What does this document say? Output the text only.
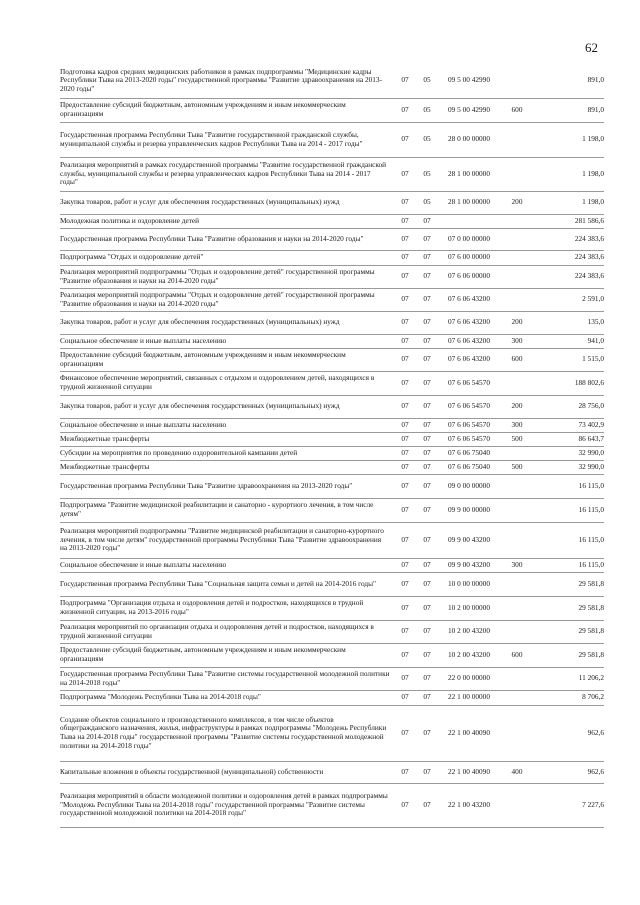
62
Подготовка кадров средних медицинских работников в рамках подпрограммы "Медицинские кадры Республики Тыва на 2013-2020 годы" государственной программы "Развитие здравоохранения на 2013-2020 годы"	07	05	09 5 00 42990		891,0

Предоставление субсидий бюджетным, автономным учреждениям и иным некоммерческим организациям	07	05	09 5 00 42990	600	891,0

Государственная программа Республики Тыва "Развитие государственной гражданской службы, муниципальной службы и резерва управленческих кадров Республики Тыва на 2014 - 2017 годы"	07	05	28 0 00 00000		1 198,0

Реализация мероприятий в рамках государственной программы "Развитие государственной гражданской службы, муниципальной службы и резерва управленческих кадров Республики Тыва на 2014 - 2017 годы"	07	05	28 1 00 00000		1 198,0

Закупка товаров, работ и услуг для обеспечения государственных (муниципальных) нужд	07	05	28 1 00 00000	200	1 198,0

Молодежная политика и оздоровление детей	07	07			281 586,6

Государственная программа Республики Тыва "Развитие образования и науки на 2014-2020 годы"	07	07	07 0 00 00000		224 383,6

Подпрограмма "Отдых и оздоровление детей"	07	07	07 6 00 00000		224 383,6

Реализация мероприятий подпрограммы "Отдых и оздоровление детей" государственной программы "Развитие образования и науки на 2014-2020 годы"	07	07	07 6 06 00000		224 383,6

Реализация мероприятий подпрограммы "Отдых и оздоровление детей" государственной программы "Развитие образования и науки на 2014-2020 годы"	07	07	07 6 06 43200		2 591,0

Закупка товаров, работ и услуг для обеспечения государственных (муниципальных) нужд	07	07	07 6 06 43200	200	135,0

Социальное обеспечение и иные выплаты населению	07	07	07 6 06 43200	300	941,0

Предоставление субсидий бюджетным, автономным учреждениям и иным некоммерческим организациям	07	07	07 6 06 43200	600	1 515,0

Финансовое обеспечение мероприятий, связанных с отдыхом и оздоровлением детей, находящихся в трудной жизненной ситуации	07	07	07 6 06 54570		188 802,6

Закупка товаров, работ и услуг для обеспечения государственных (муниципальных) нужд	07	07	07 6 06 54570	200	28 756,0

Социальное обеспечение и иные выплаты населению	07	07	07 6 06 54570	300	73 402,9

Межбюджетные трансферты	07	07	07 6 06 54570	500	86 643,7

Субсидии на мероприятия по проведению оздоровительной кампании детей	07	07	07 6 06 75040		32 990,0

Межбюджетные трансферты	07	07	07 6 06 75040	500	32 990,0

Государственная программа Республики Тыва "Развитие здравоохранения на 2013-2020 годы"	07	07	09 0 00 00000		16 115,0

Подпрограмма "Развитие медицинской реабилитации и санаторно - курортного лечения, в том числе детям"	07	07	09 9 00 00000		16 115,0

Реализация мероприятий подпрограммы "Развитие медицинской реабилитации и санаторно-курортного лечения, в том числе детям" государственной программы Республики Тыва "Развитие здравоохранения на 2013-2020 годы"	07	07	09 9 00 43200		16 115,0

Социальное обеспечение и иные выплаты населению	07	07	09 9 00 43200	300	16 115,0

Государственная программа Республики Тыва "Социальная защита семьи и детей на 2014-2016 годы"	07	07	10 0 00 00000		29 581,8

Подпрограмма "Организация отдыха и оздоровления детей и подростков, находящихся в трудной жизненной ситуации, на 2013-2016 годы"	07	07	10 2 00 00000		29 581,8

Реализация мероприятий по организации отдыха и оздоровления детей и подростков, находящихся в трудной жизненной ситуации	07	07	10 2 00 43200		29 581,8

Предоставление субсидий бюджетным, автономным учреждениям и иным некоммерческим организациям	07	07	10 2 00 43200	600	29 581,8

Государственная программа Республики Тыва "Развитие системы государственной молодежной политики на 2014-2018 годы"	07	07	22 0 00 00000		11 206,2

Подпрограмма "Молодежь Республики Тыва на 2014-2018 годы"	07	07	22 1 00 00000		8 706,2

Создание объектов социального и производственного комплексов, в том числе объектов общегражданского назначения, жилья, инфраструктуры в рамках подпрограммы "Молодежь Республики Тыва на 2014-2018 годы" государственной программы "Развитие системы государственной молодежной политики на 2014-2018 годы"	07	07	22 1 00 40090		962,6

Капитальные вложения в объекты государственной (муниципальной) собственности	07	07	22 1 00 40090	400	962,6

Реализация мероприятий в области молодежной политики и оздоровления детей в рамках подпрограммы "Молодежь Республики Тыва на 2014-2018 годы" государственной программы "Развитие системы государственной молодежной политики на 2014-2018 годы"	07	07	22 1 00 43200		7 227,6
